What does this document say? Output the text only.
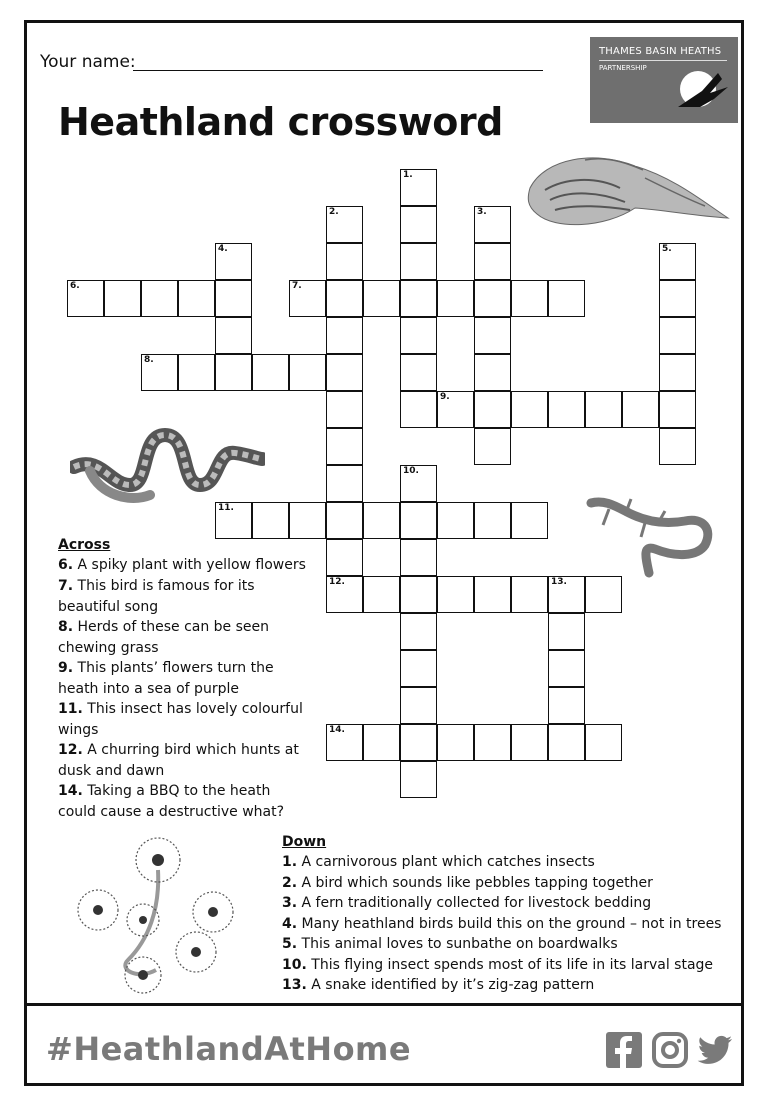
Your name:
THAMES BASIN HEATHS
PARTNERSHIP
Heathland crossword
6.	7.
8.
9.
11.
12.	13.
14.
1.
2.	3.
4.	5.
10.
Across
6. A spiky plant with yellow flowers
7. This bird is famous for its beautiful song
8. Herds of these can be seen chewing grass
9. This plants’ flowers turn the heath into a sea of purple
11. This insect has lovely colourful wings
12. A churring bird which hunts at dusk and dawn
14. Taking a BBQ to the heath could cause a destructive what?
Down
1. A carnivorous plant which catches insects
2. A bird which sounds like pebbles tapping together
3. A fern traditionally collected for livestock bedding
4. Many heathland birds build this on the ground – not in trees
5. This animal loves to sunbathe on boardwalks
10. This flying insect spends most of its life in its larval stage
13. A snake identified by it’s zig-zag pattern
#HeathlandAtHome
